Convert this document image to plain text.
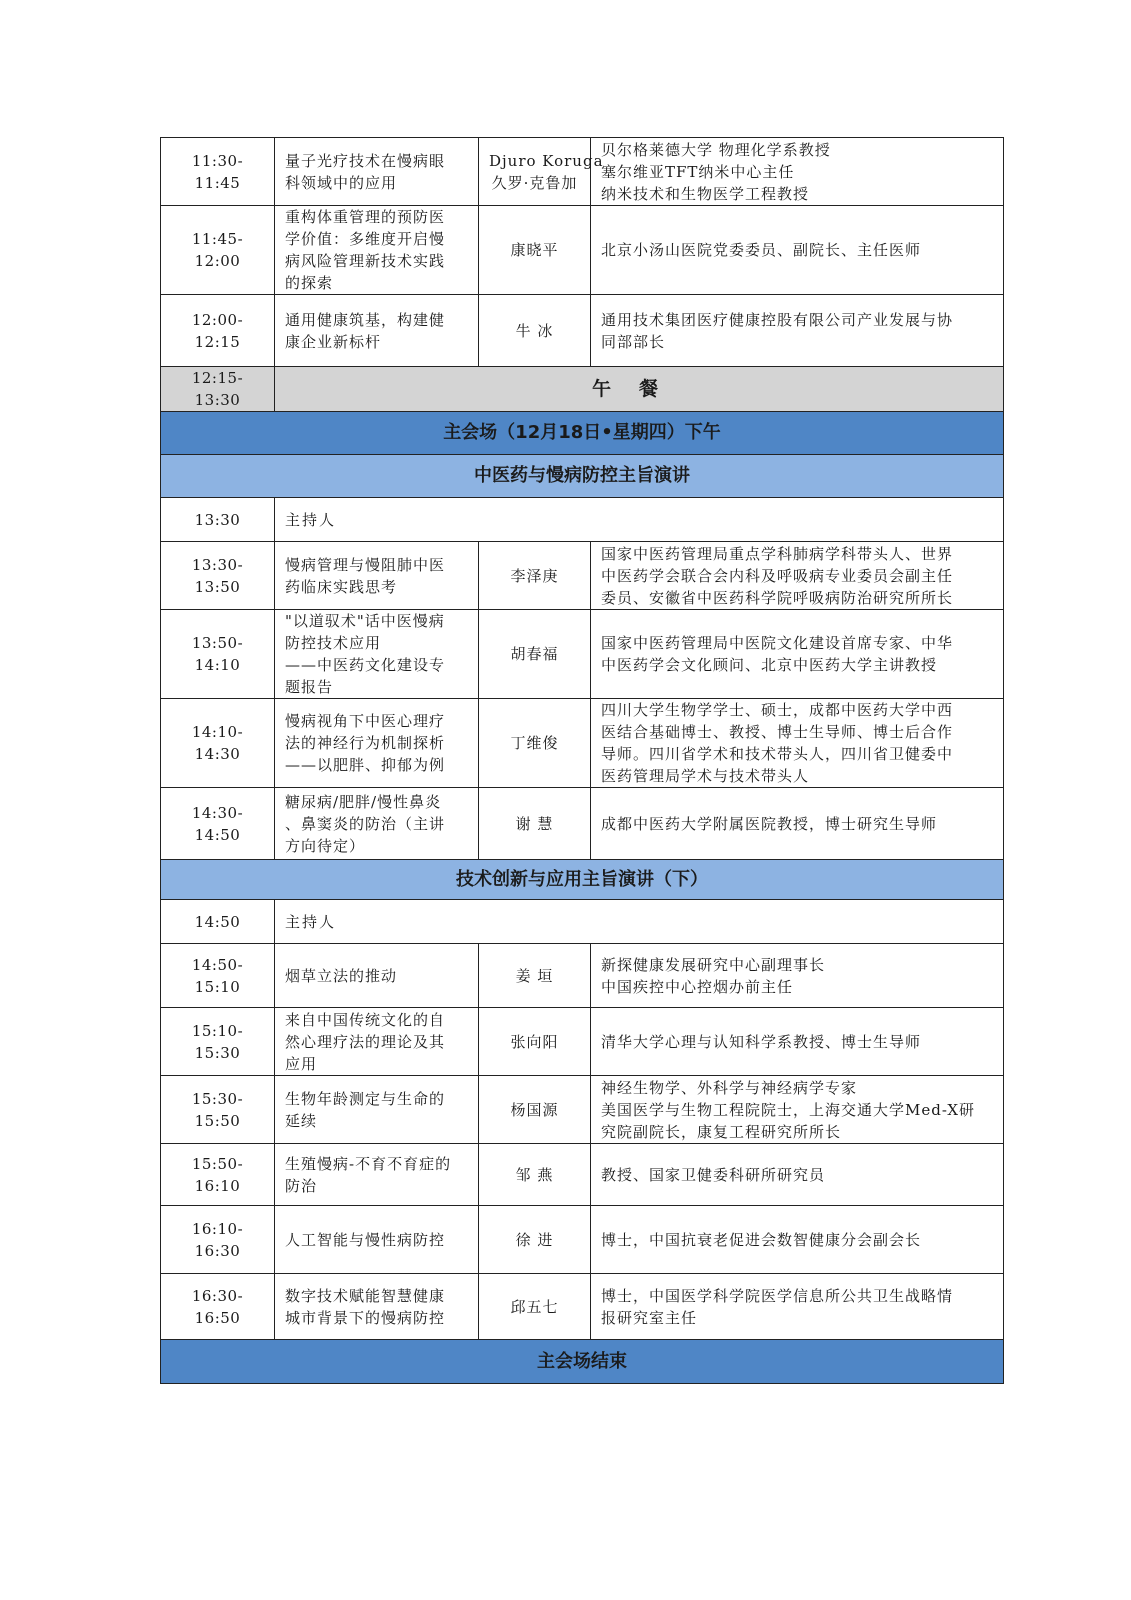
11:30-11:45	量子光疗技术在慢病眼
科领域中的应用	Djuro Koruga
久罗·克鲁加	贝尔格莱德大学 物理化学系教授
塞尔维亚TFT纳米中心主任
纳米技术和生物医学工程教授

11:45-12:00	重构体重管理的预防医
学价值：多维度开启慢
病风险管理新技术实践
的探索	康晓平	北京小汤山医院党委委员、副院长、主任医师

12:00-12:15	通用健康筑基，构建健
康企业新标杆	牛 冰	通用技术集团医疗健康控股有限公司产业发展与协
同部部长

12:15-13:30	午餐		
主会场（12月18日•星期四）下午			
中医药与慢病防控主旨演讲			
13:30	主持人		
13:30-13:50	慢病管理与慢阻肺中医
药临床实践思考	李泽庚	国家中医药管理局重点学科肺病学科带头人、世界
中医药学会联合会内科及呼吸病专业委员会副主任
委员、安徽省中医药科学院呼吸病防治研究所所长

13:50-14:10	"以道驭术"话中医慢病
防控技术应用
——中医药文化建设专
题报告	胡春福	国家中医药管理局中医院文化建设首席专家、中华
中医药学会文化顾问、北京中医药大学主讲教授

14:10-14:30	慢病视角下中医心理疗
法的神经行为机制探析
——以肥胖、抑郁为例	丁维俊	四川大学生物学学士、硕士，成都中医药大学中西
医结合基础博士、教授、博士生导师、博士后合作
导师。四川省学术和技术带头人，四川省卫健委中
医药管理局学术与技术带头人

14:30-14:50	糖尿病/肥胖/慢性鼻炎
、鼻窦炎的防治（主讲
方向待定）	谢 慧	成都中医药大学附属医院教授，博士研究生导师

技术创新与应用主旨演讲（下）			
14:50	主持人		
14:50-15:10	烟草立法的推动	姜 垣	新探健康发展研究中心副理事长
中国疾控中心控烟办前主任

15:10-15:30	来自中国传统文化的自
然心理疗法的理论及其
应用	张向阳	清华大学心理与认知科学系教授、博士生导师

15:30-15:50	生物年龄测定与生命的
延续	杨国源	神经生物学、外科学与神经病学专家
美国医学与生物工程院院士，上海交通大学Med-X研
究院副院长，康复工程研究所所长

15:50-16:10	生殖慢病-不育不育症的
防治	邹 燕	教授、国家卫健委科研所研究员

16:10-16:30	人工智能与慢性病防控	徐 进	博士，中国抗衰老促进会数智健康分会副会长

16:30-16:50	数字技术赋能智慧健康
城市背景下的慢病防控	邱五七	博士，中国医学科学院医学信息所公共卫生战略情
报研究室主任

主会场结束			
